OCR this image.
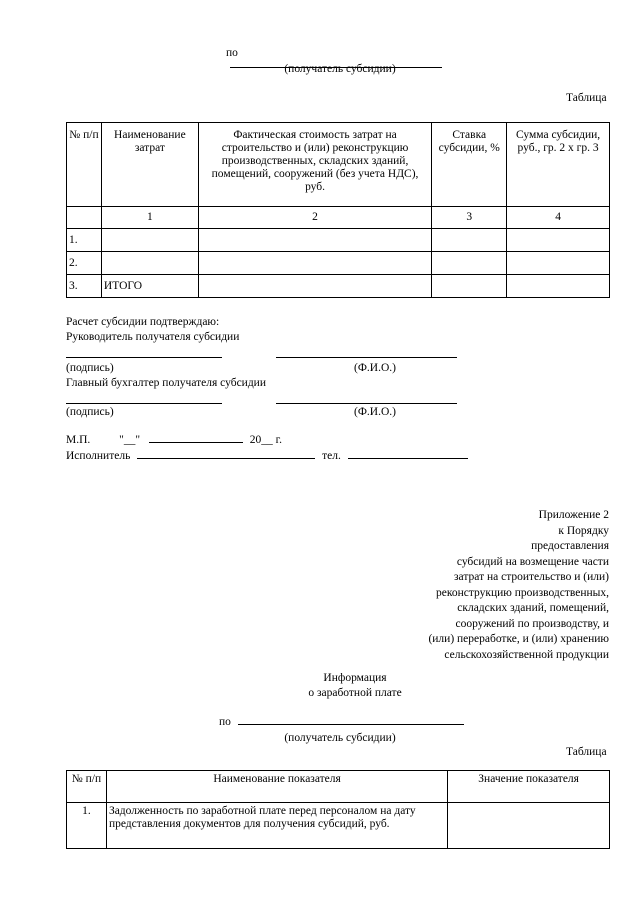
по
(получатель субсидии)
Таблица
№ п/п	Наименование затрат	Фактическая стоимость затрат на строительство и (или) реконструкцию производственных, складских зданий, помещений, сооружений (без учета НДС), руб.	Ставка субсидии, %	Сумма субсидии, руб., гр. 2 x гр. 3
	1	2	3	4
1.				
2.				
3.	ИТОГО			
Расчет субсидии подтверждаю:
Руководитель получателя субсидии
(подпись)	(Ф.И.О.)
Главный бухгалтер получателя субсидии
(подпись)	(Ф.И.О.)
М.П.	"__"	20__ г.
Исполнитель	тел.
Приложение 2
к Порядку
предоставления
субсидий на возмещение части
затрат на строительство и (или)
реконструкцию производственных,
складских зданий, помещений,
сооружений по производству, и
(или) переработке, и (или) хранению
сельскохозяйственной продукции
Информация
о заработной плате
по
(получатель субсидии)
Таблица
№ п/п	Наименование показателя	Значение показателя
1.	Задолженность по заработной плате перед персоналом на дату представления документов для получения субсидий, руб.	
